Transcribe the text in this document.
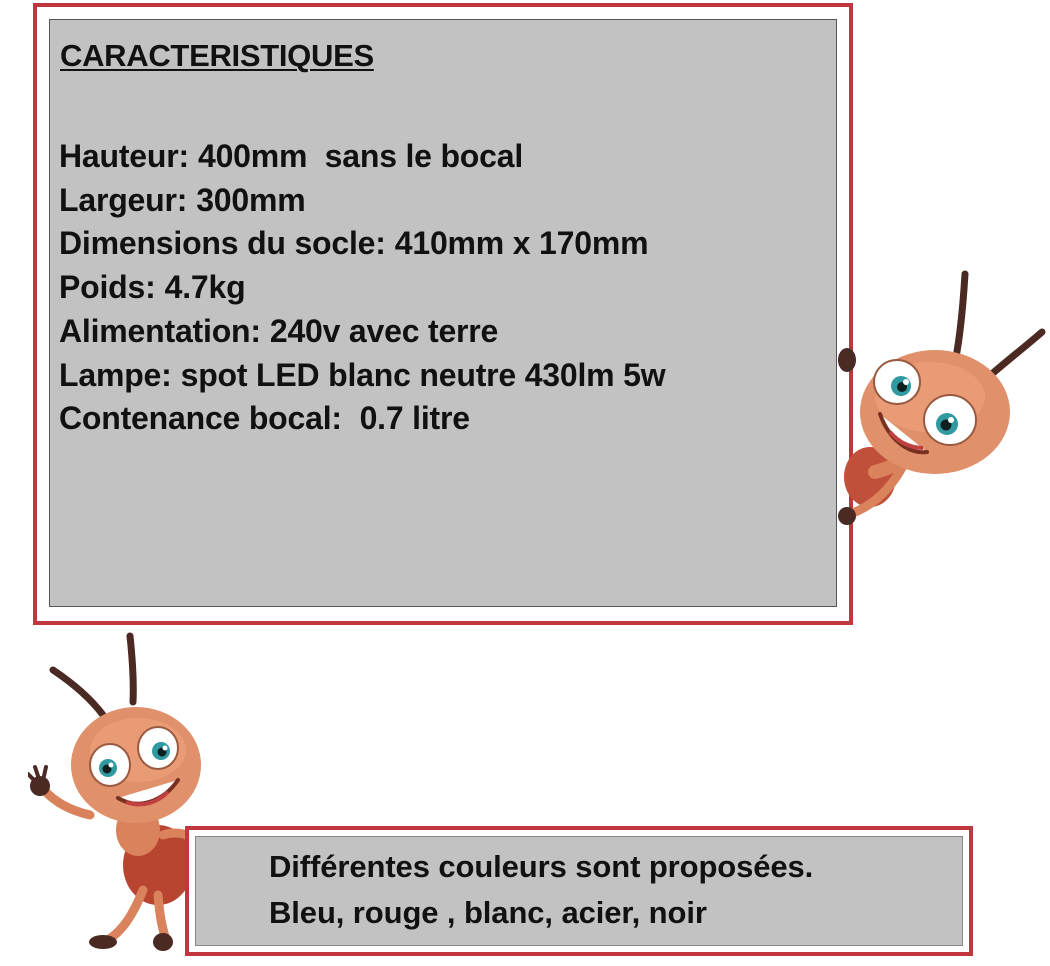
CARACTERISTIQUES
Hauteur: 400mm  sans le bocal
Largeur: 300mm
Dimensions du socle: 410mm x 170mm
Poids: 4.7kg
Alimentation: 240v avec terre
Lampe: spot LED blanc neutre 430lm 5w
Contenance bocal: 0.7 litre

Différentes couleurs sont proposées.

Bleu, rouge , blanc, acier, noir
